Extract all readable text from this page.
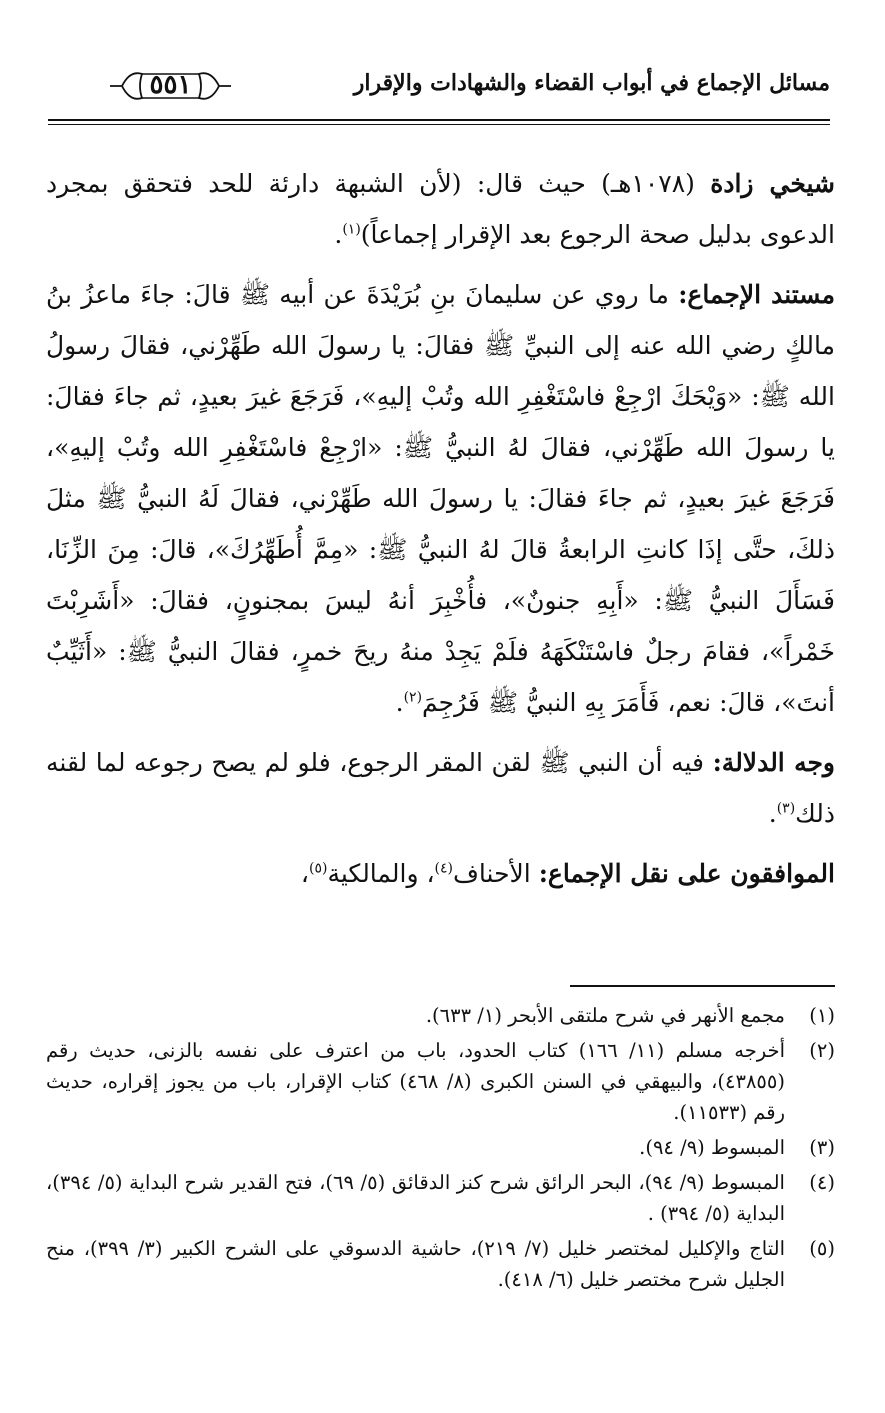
مسائل الإجماع في أبواب القضاء والشهادات والإقرار
٥٥١

شيخي زادة (١٠٧٨هـ) حيث قال: (لأن الشبهة دارئة للحد فتحقق بمجرد الدعوى بدليل صحة الرجوع بعد الإقرار إجماعاً)$^{(١)}$.

مستند الإجماع: ما روي عن سليمانَ بنِ بُرَيْدَةَ عن أبيه ﷺ قالَ: جاءَ ماعزُ بنُ مالكٍ رضي الله عنه إلى النبيِّ ﷺ فقالَ: يا رسولَ الله طَهِّرْني، فقالَ رسولُ الله ﷺ: «وَيْحَكَ ارْجِعْ فاسْتَغْفِرِ الله وتُبْ إليهِ»، فَرَجَعَ غيرَ بعيدٍ، ثم جاءَ فقالَ: يا رسولَ الله طَهِّرْني، فقالَ لهُ النبيُّ ﷺ: «ارْجِعْ فاسْتَغْفِرِ الله وتُبْ إليهِ»، فَرَجَعَ غيرَ بعيدٍ، ثم جاءَ فقالَ: يا رسولَ الله طَهِّرْني، فقالَ لَهُ النبيُّ ﷺ مثلَ ذلكَ، حتَّى إذَا كانتِ الرابعةُ قالَ لهُ النبيُّ ﷺ: «مِمَّ أُطَهِّرُكَ»، قالَ: مِنَ الزِّنَا، فَسَأَلَ النبيُّ ﷺ: «أَبِهِ جنونٌ»، فأُخْبِرَ أنهُ ليسَ بمجنونٍ، فقالَ: «أَشَرِبْتَ خَمْراً»، فقامَ رجلٌ فاسْتَنْكَهَهُ فلَمْ يَجِدْ منهُ ريحَ خمرٍ، فقالَ النبيُّ ﷺ: «أَثَيِّبٌ أنتَ»، قالَ: نعم، فَأَمَرَ بِهِ النبيُّ ﷺ فَرُجِمَ$^{(٢)}$.

وجه الدلالة: فيه أن النبي ﷺ لقن المقر الرجوع، فلو لم يصح رجوعه لما لقنه ذلك$^{(٣)}$.

الموافقون على نقل الإجماع: الأحناف$^{(٤)}$، والمالكية$^{(٥)}$،

(١)
مجمع الأنهر في شرح ملتقى الأبحر (١/ ٦٣٣).
(٢)
أخرجه مسلم (١١/ ١٦٦) كتاب الحدود، باب من اعترف على نفسه بالزنى، حديث رقم (٤٣٨٥٥)، والبيهقي في السنن الكبرى (٨/ ٤٦٨) كتاب الإقرار، باب من يجوز إقراره، حديث رقم (١١٥٣٣).
(٣)
المبسوط (٩/ ٩٤).
(٤)
المبسوط (٩/ ٩٤)، البحر الرائق شرح كنز الدقائق (٥/ ٦٩)، فتح القدير شرح البداية (٥/ ٣٩٤)، البداية (٥/ ٣٩٤) .
(٥)
التاج والإكليل لمختصر خليل (٧/ ٢١٩)، حاشية الدسوقي على الشرح الكبير (٣/ ٣٩٩)، منح الجليل شرح مختصر خليل (٦/ ٤١٨).
